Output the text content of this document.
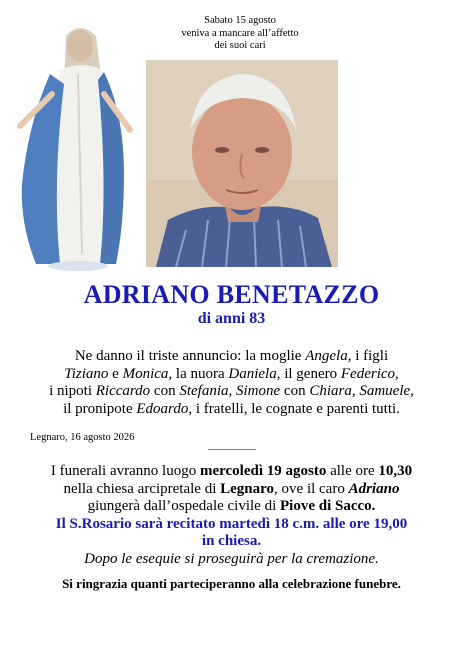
Sabato 15 agosto
veniva a mancare all’affetto
dei suoi cari
ADRIANO BENETAZZO
di anni 83
Ne danno il triste annuncio: la moglie Angela, i figli
Tiziano e Monica, la nuora Daniela, il genero Federico,
i nipoti Riccardo con Stefania, Simone con Chiara, Samuele,
il pronipote Edoardo, i fratelli, le cognate e parenti tutti.
Legnaro, 16 agosto 2026
I funerali avranno luogo mercoledì 19 agosto alle ore 10,30
nella chiesa arcipretale di Legnaro, ove il caro Adriano
giungerà dall’ospedale civile di Piove di Sacco.
Il S.Rosario sarà recitato martedì 18 c.m. alle ore 19,00
in chiesa.
Dopo le esequie si proseguirà per la cremazione.
Si ringrazia quanti parteciperanno alla celebrazione funebre.
